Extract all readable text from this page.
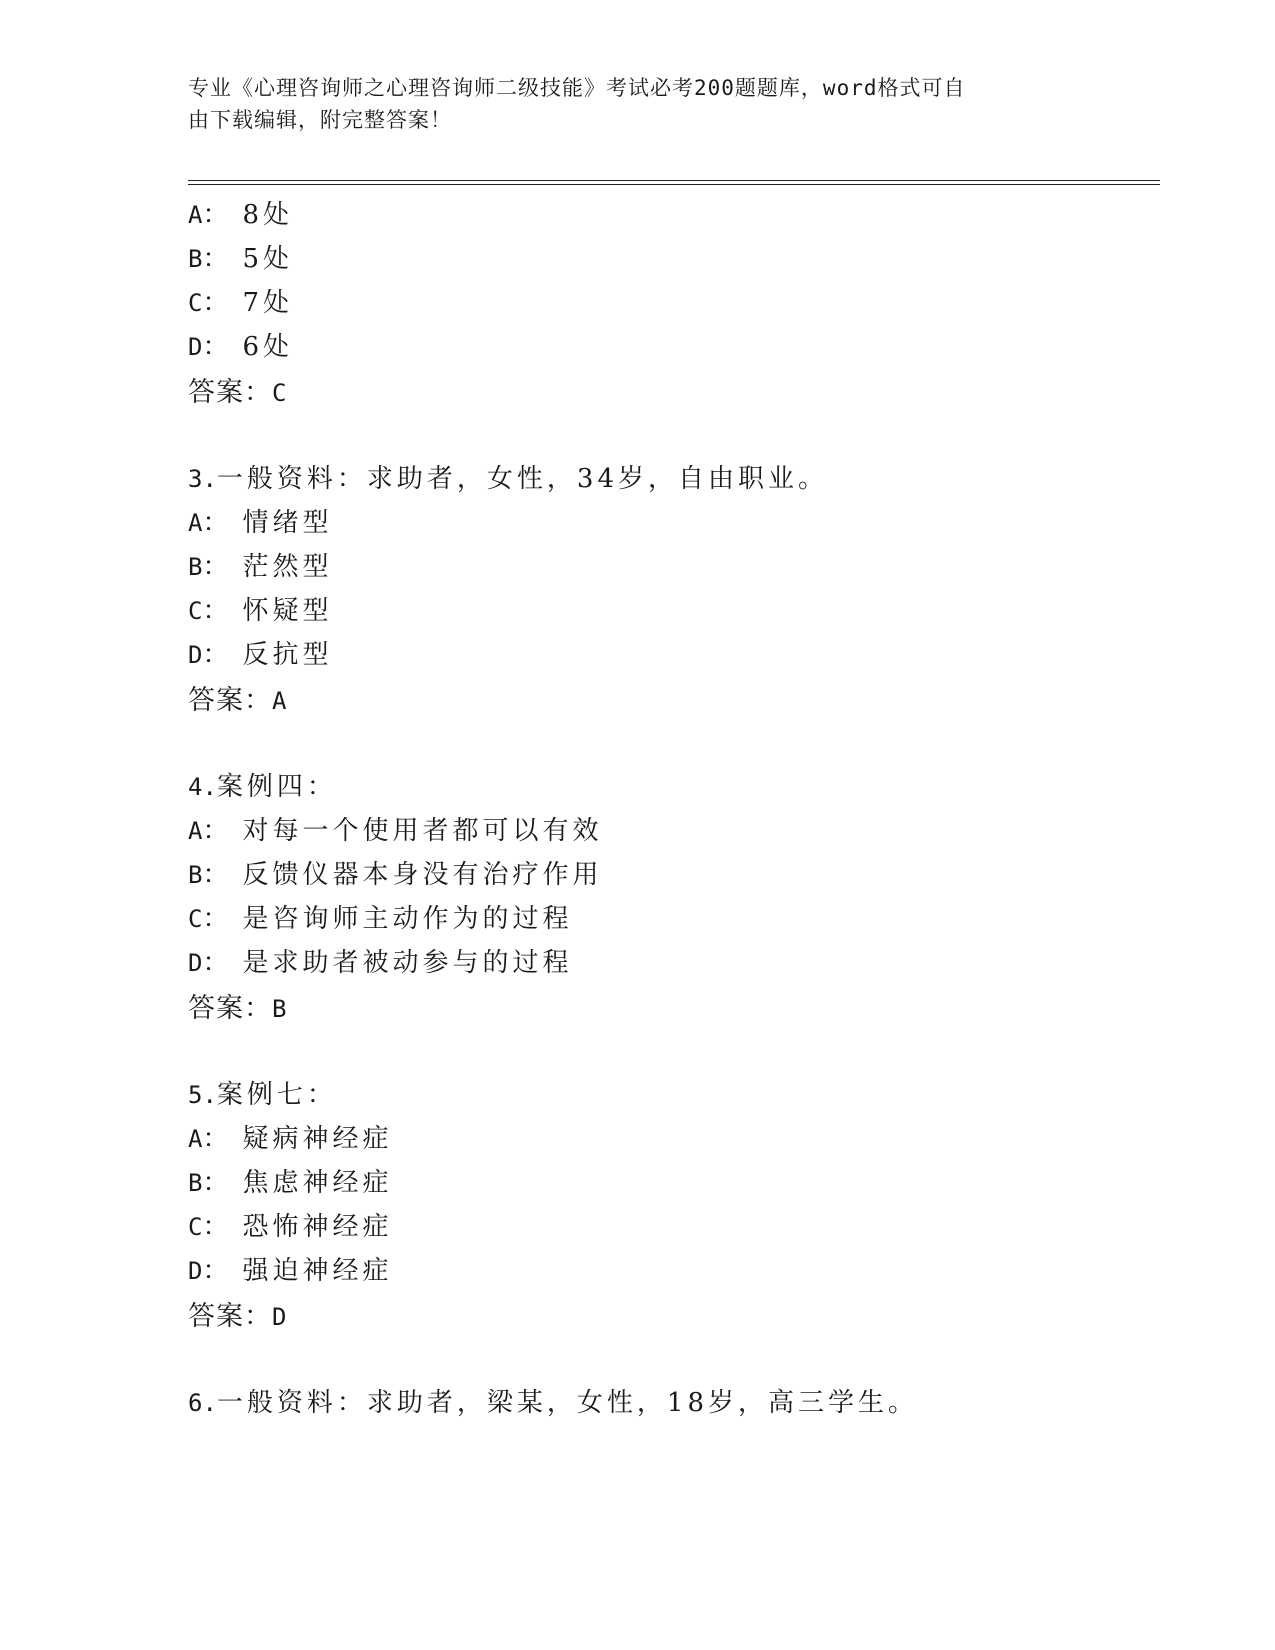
专业《心理咨询师之心理咨询师二级技能》考试必考200题题库，word格式可自
由下载编辑，附完整答案！
A： 8处
B： 5处
C： 7处
D： 6处
答案：C
3.一般资料：求助者，女性，34岁，自由职业。
A： 情绪型
B： 茫然型
C： 怀疑型
D： 反抗型
答案：A
4.案例四：
A： 对每一个使用者都可以有效
B： 反馈仪器本身没有治疗作用
C： 是咨询师主动作为的过程
D： 是求助者被动参与的过程
答案：B
5.案例七：
A： 疑病神经症
B： 焦虑神经症
C： 恐怖神经症
D： 强迫神经症
答案：D
6.一般资料：求助者，梁某，女性，18岁，高三学生。
